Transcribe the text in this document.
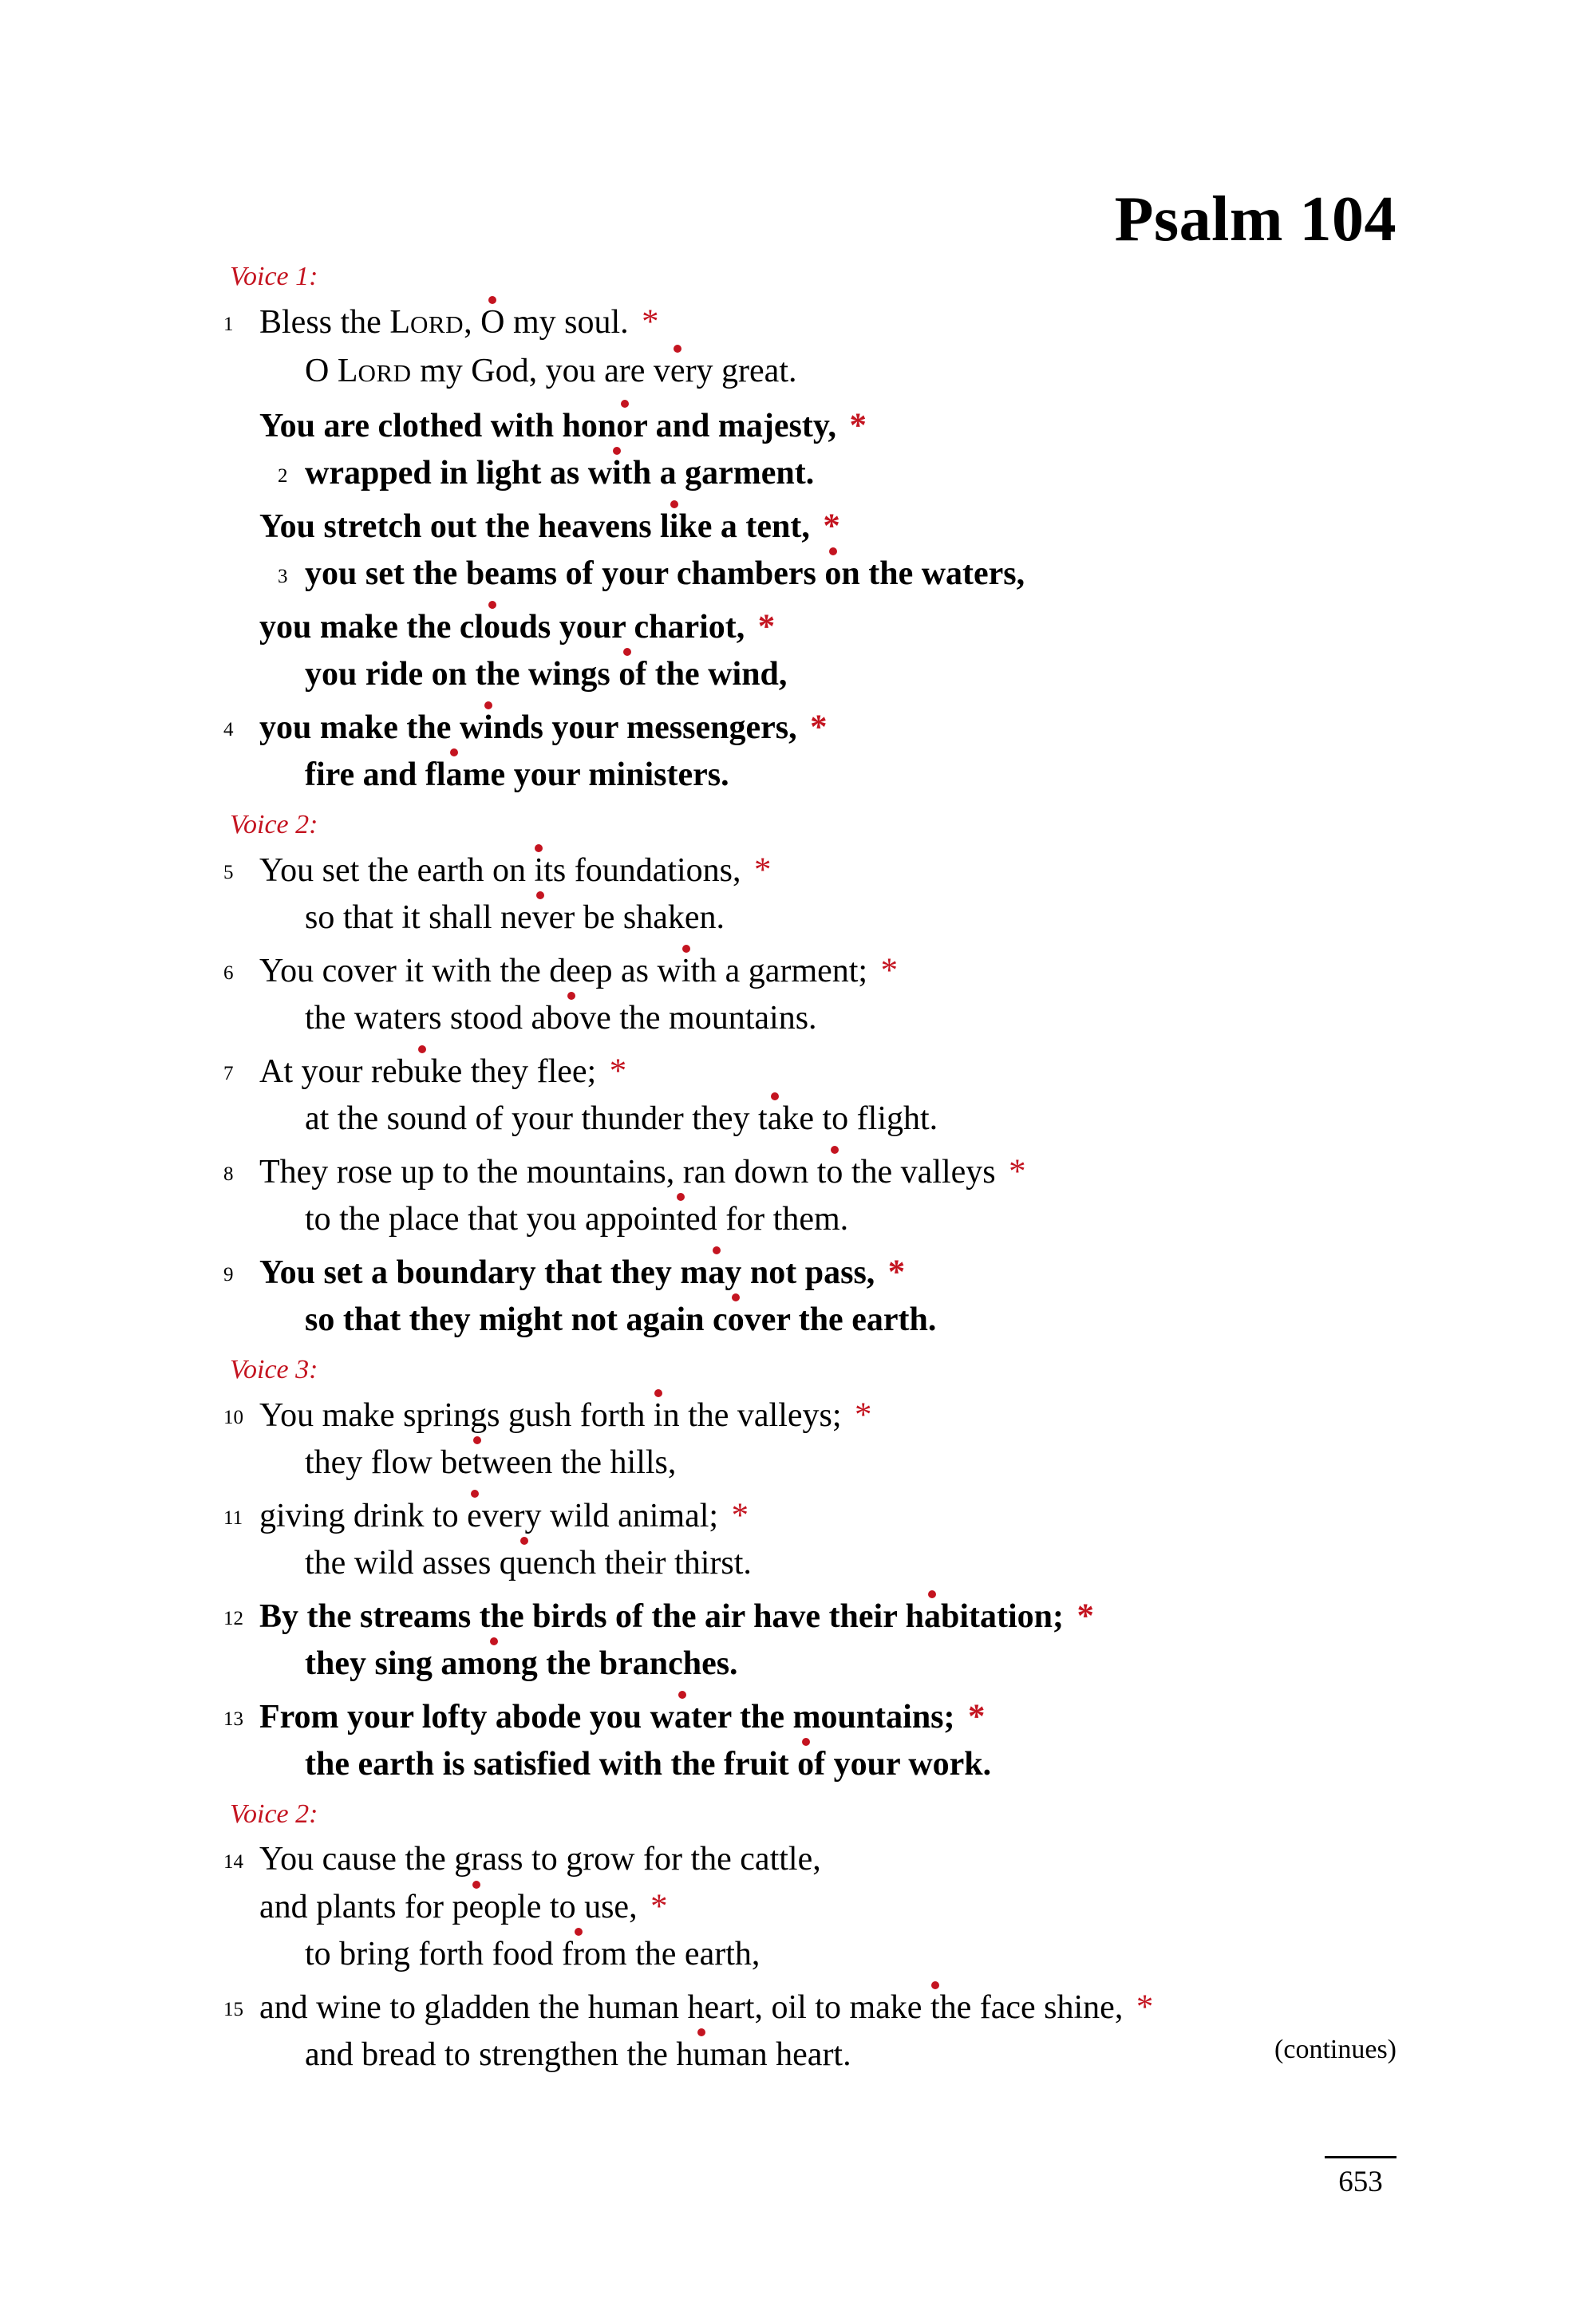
Psalm 104
Voice 1:
1 Bless the LORD, O my soul. *
O LORD my God, you are very great.
You are clothed with honor and majesty, *
2 wrapped in light as with a garment.
You stretch out the heavens like a tent, *
3 you set the beams of your chambers on the waters,
you make the clouds your chariot, *
you ride on the wings of the wind,
4 you make the winds your messengers, *
fire and flame your ministers.
Voice 2:
5 You set the earth on its foundations, *
so that it shall never be shaken.
6 You cover it with the deep as with a garment; *
the waters stood above the mountains.
7 At your rebuke they flee; *
at the sound of your thunder they take to flight.
8 They rose up to the mountains, ran down to the valleys *
to the place that you appointed for them.
9 You set a boundary that they may not pass, *
so that they might not again cover the earth.
Voice 3:
10 You make springs gush forth in the valleys; *
they flow between the hills,
11 giving drink to every wild animal; *
the wild asses quench their thirst.
12 By the streams the birds of the air have their habitation; *
they sing among the branches.
13 From your lofty abode you water the mountains; *
the earth is satisfied with the fruit of your work.
Voice 2:
14 You cause the grass to grow for the cattle,
and plants for people to use, *
to bring forth food from the earth,
15 and wine to gladden the human heart, oil to make the face shine, *
and bread to strengthen the human heart.	(continues)
653
